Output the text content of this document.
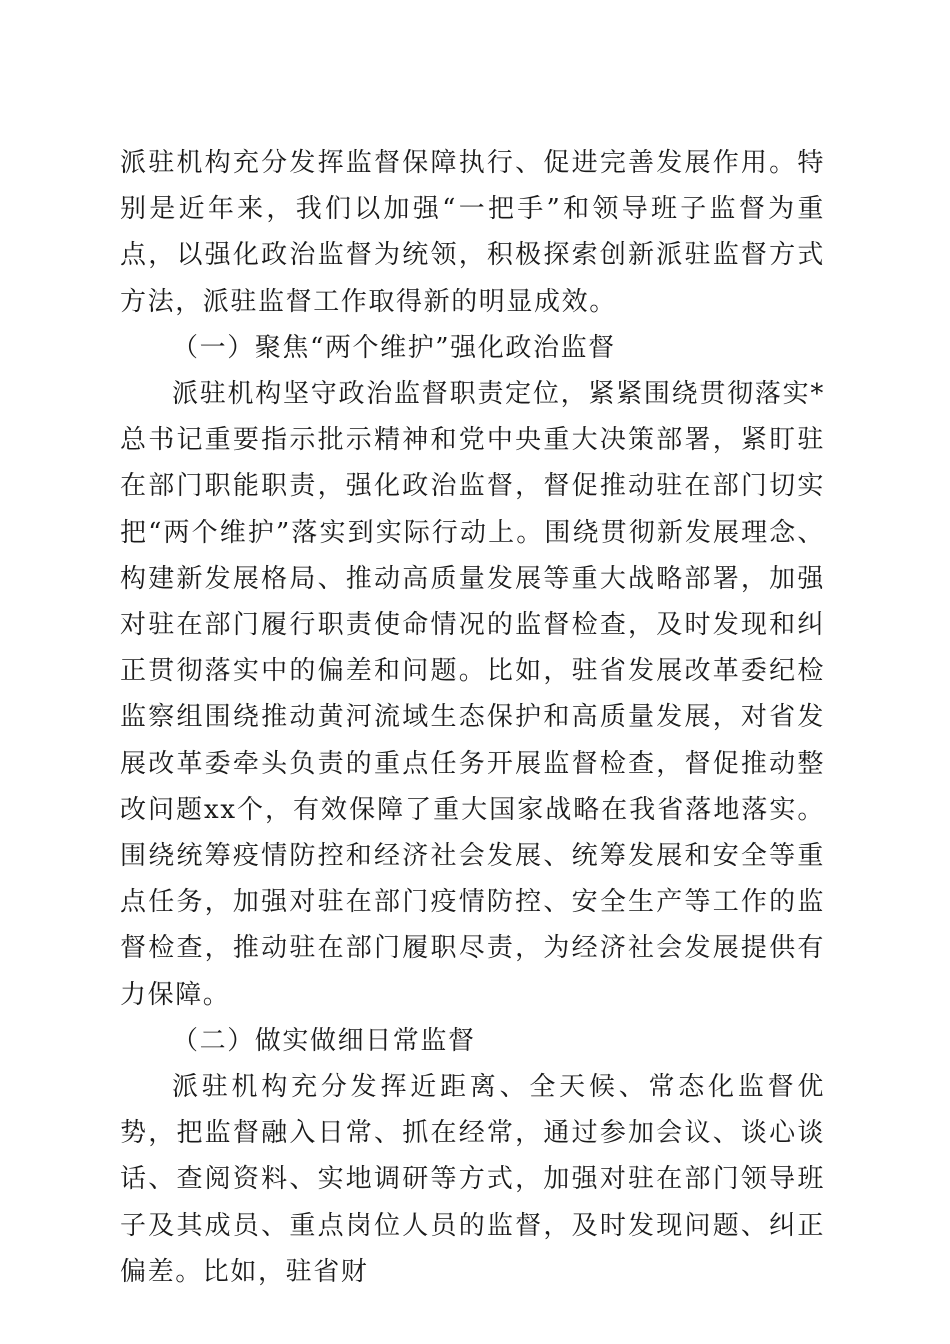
派驻机构充分发挥监督保障执行、促进完善发展作用。特别是近年来，我们以加强“一把手”和领导班子监督为重点，以强化政治监督为统领，积极探索创新派驻监督方式方法，派驻监督工作取得新的明显成效。

（一）聚焦“两个维护”强化政治监督

派驻机构坚守政治监督职责定位，紧紧围绕贯彻落实*总书记重要指示批示精神和党中央重大决策部署，紧盯驻在部门职能职责，强化政治监督，督促推动驻在部门切实把“两个维护”落实到实际行动上。围绕贯彻新发展理念、构建新发展格局、推动高质量发展等重大战略部署，加强对驻在部门履行职责使命情况的监督检查，及时发现和纠正贯彻落实中的偏差和问题。比如，驻省发展改革委纪检监察组围绕推动黄河流域生态保护和高质量发展，对省发展改革委牵头负责的重点任务开展监督检查，督促推动整改问题xx个，有效保障了重大国家战略在我省落地落实。围绕统筹疫情防控和经济社会发展、统筹发展和安全等重点任务，加强对驻在部门疫情防控、安全生产等工作的监督检查，推动驻在部门履职尽责，为经济社会发展提供有力保障。

（二）做实做细日常监督

派驻机构充分发挥近距离、全天候、常态化监督优势，把监督融入日常、抓在经常，通过参加会议、谈心谈话、查阅资料、实地调研等方式，加强对驻在部门领导班子及其成员、重点岗位人员的监督，及时发现问题、纠正偏差。比如，驻省财
